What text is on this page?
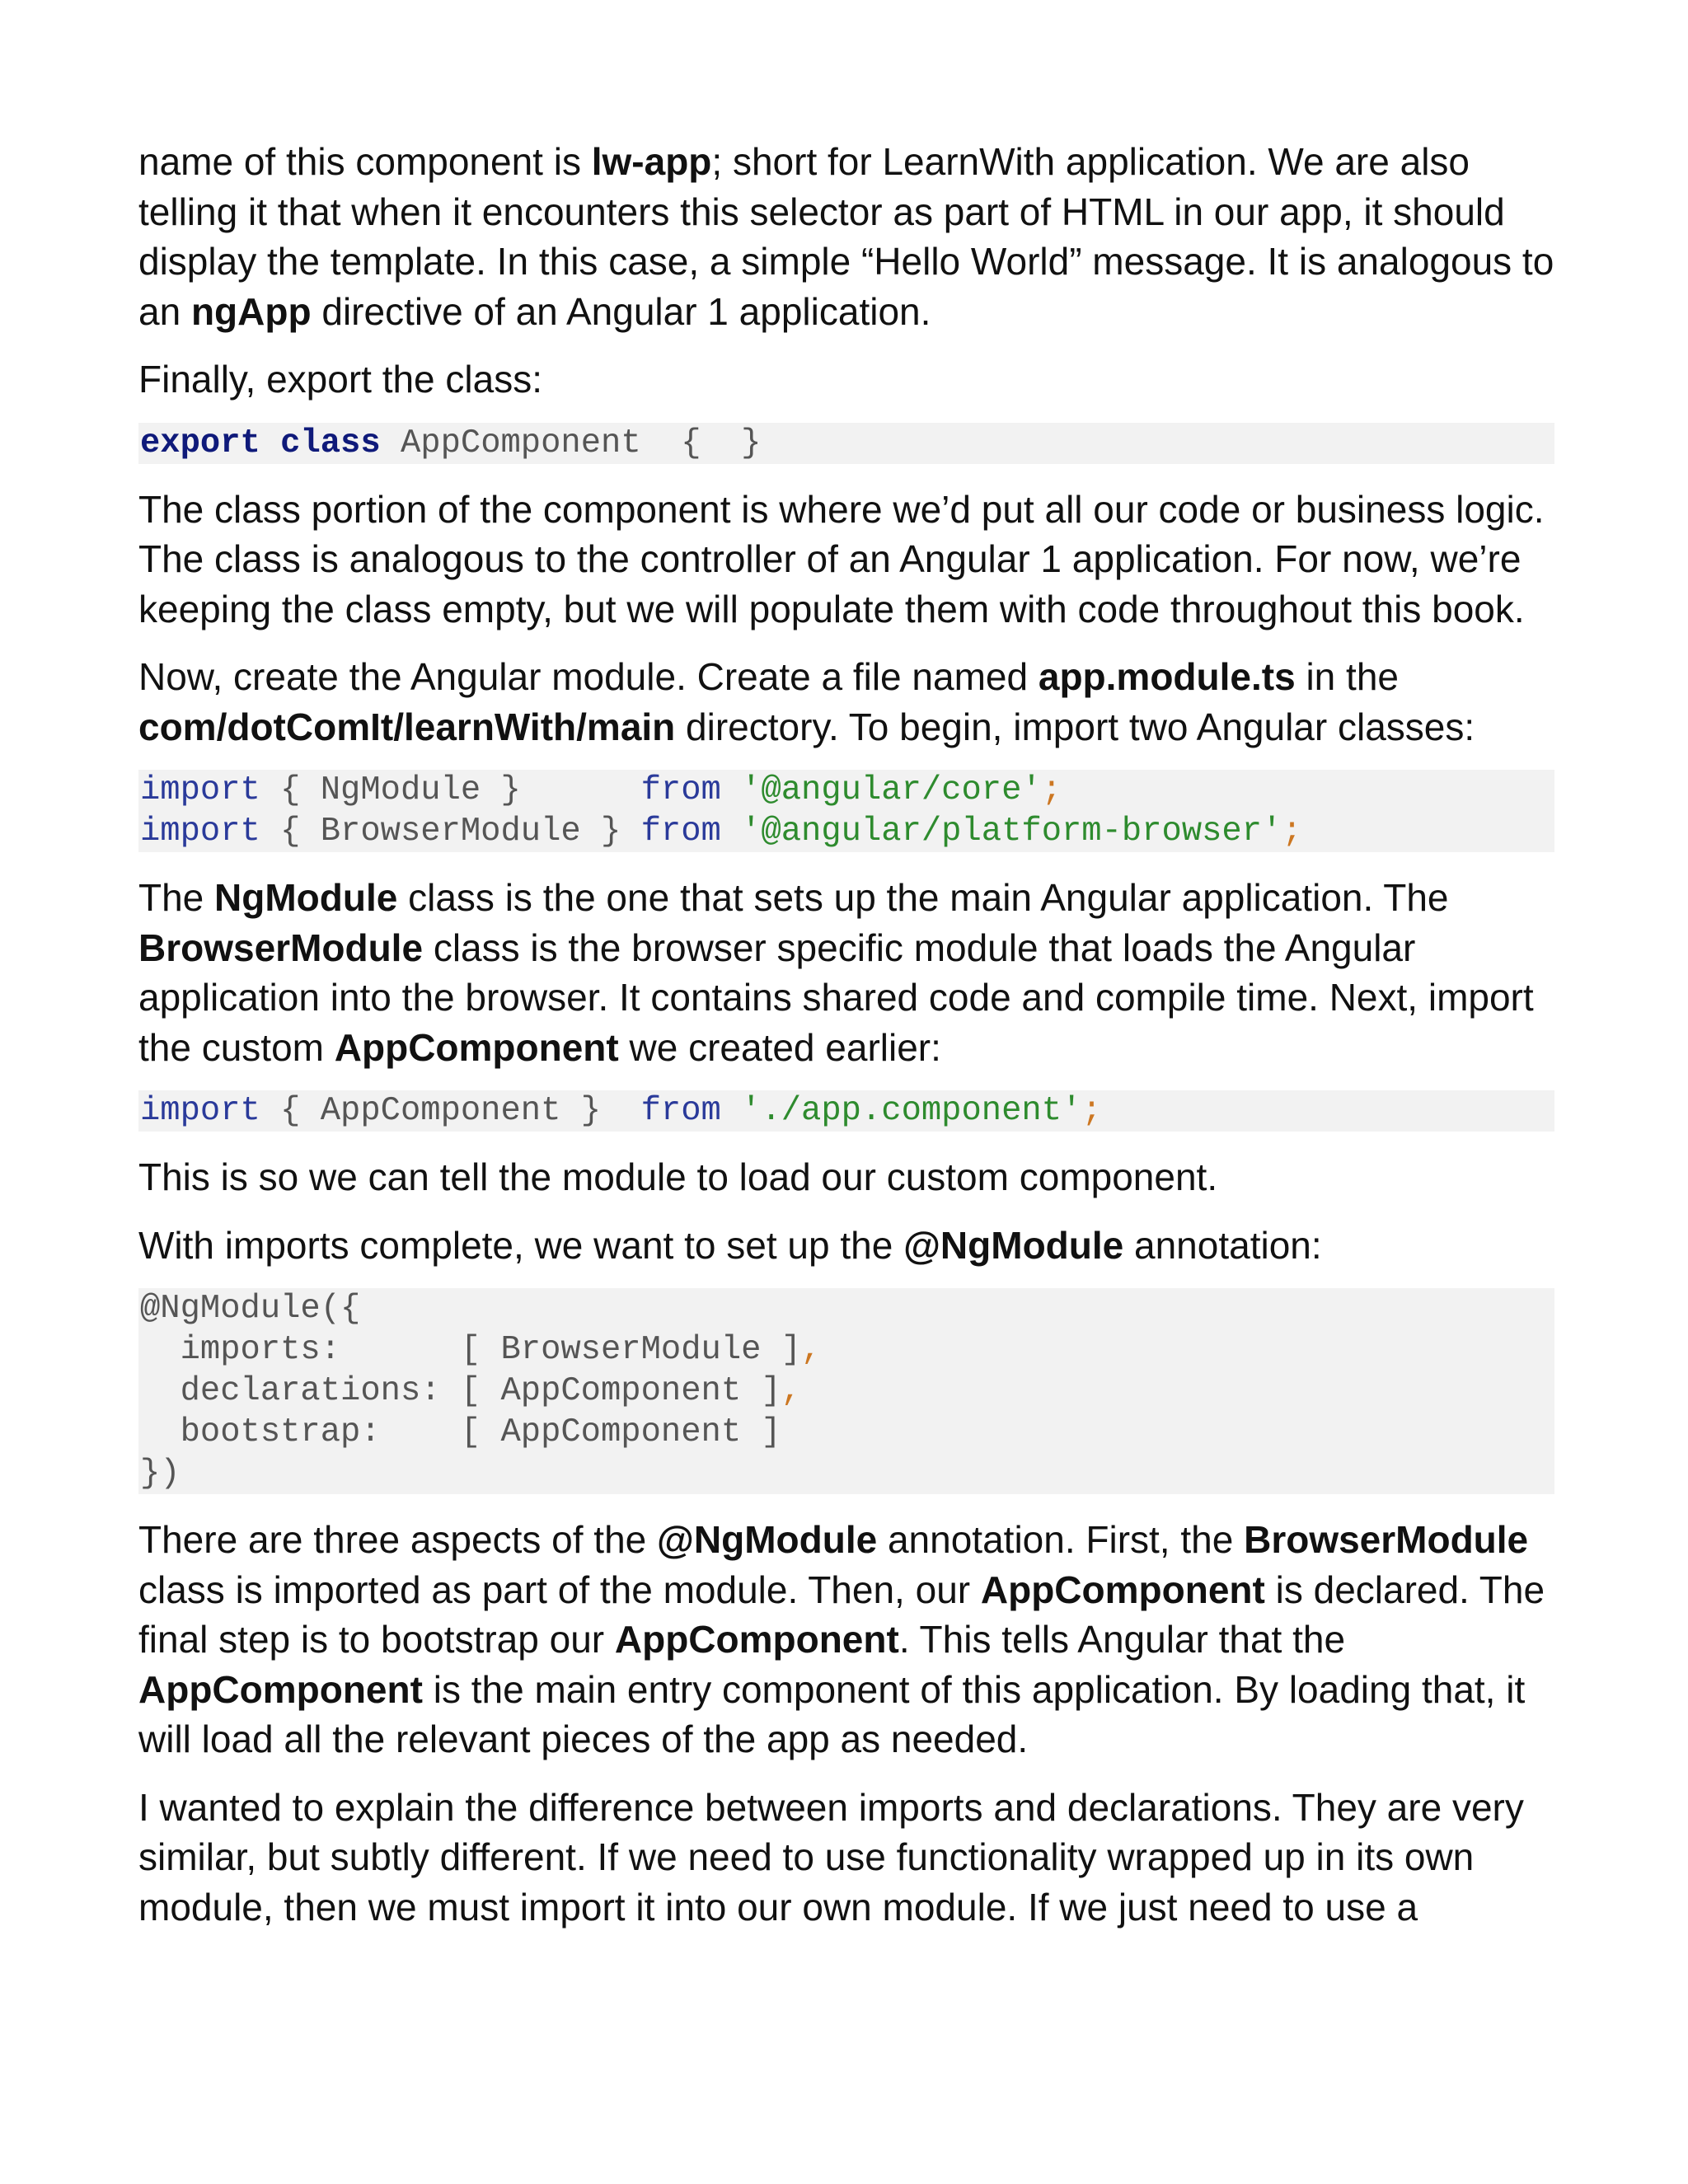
name of this component is lw-app; short for LearnWith application. We are also telling it that when it encounters this selector as part of HTML in our app, it should display the template. In this case, a simple “Hello World” message. It is analogous to an ngApp directive of an Angular 1 application.

Finally, export the class:

export class AppComponent  {  }

The class portion of the component is where we’d put all our code or business logic. The class is analogous to the controller of an Angular 1 application. For now, we’re keeping the class empty, but we will populate them with code throughout this book.

Now, create the Angular module. Create a file named app.module.ts in the com/dotComIt/learnWith/main directory. To begin, import two Angular classes:

import { NgModule }      from '@angular/core';
import { BrowserModule } from '@angular/platform-browser';

The NgModule class is the one that sets up the main Angular application. The BrowserModule class is the browser specific module that loads the Angular application into the browser. It contains shared code and compile time. Next, import the custom AppComponent we created earlier:

import { AppComponent }  from './app.component';

This is so we can tell the module to load our custom component.

With imports complete, we want to set up the @NgModule annotation:

@NgModule({
imports:      [ BrowserModule ],
declarations: [ AppComponent ],
bootstrap:    [ AppComponent ]
})

There are three aspects of the @NgModule annotation. First, the BrowserModule class is imported as part of the module. Then, our AppComponent is declared. The final step is to bootstrap our AppComponent. This tells Angular that the AppComponent is the main entry component of this application. By loading that, it will load all the relevant pieces of the app as needed.

I wanted to explain the difference between imports and declarations. They are very similar, but subtly different. If we need to use functionality wrapped up in its own module, then we must import it into our own module. If we just need to use a
